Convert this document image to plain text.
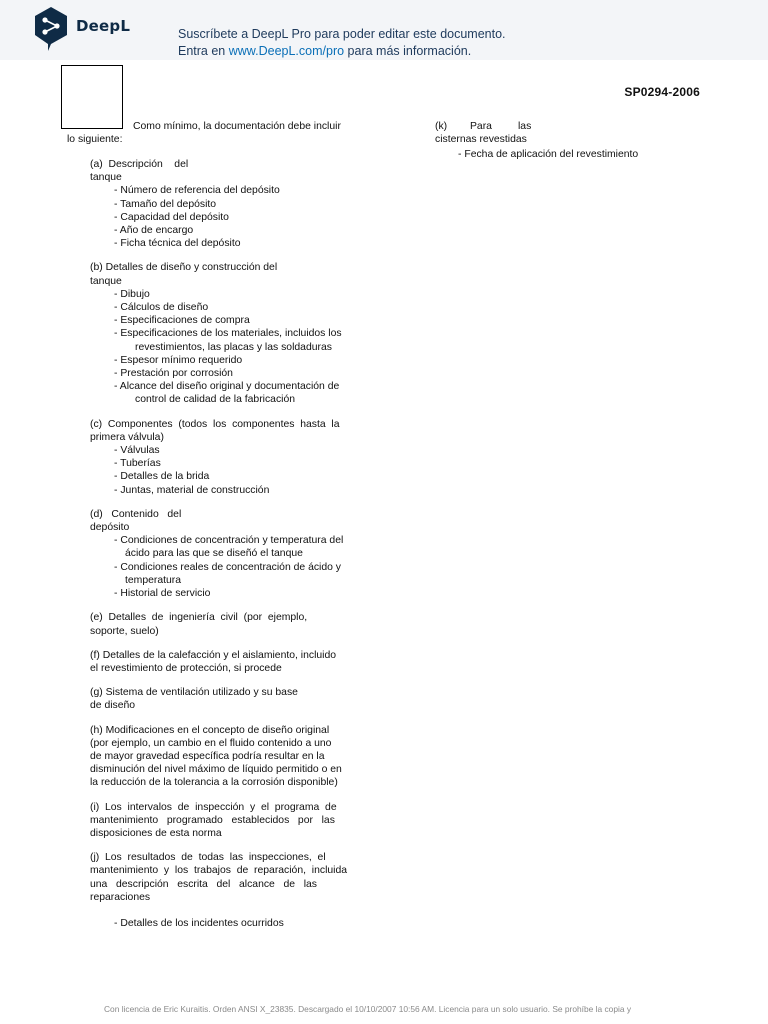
DeepL	Suscríbete a DeepL Pro para poder editar este documento.
Entra en www.DeepL.com/pro para más información.
SP0294-2006
Como mínimo, la documentación debe incluir
lo siguiente:

(a)  Descripción    del

tanque

- Número de referencia del depósito
- Tamaño del depósito
- Capacidad del depósito
- Año de encargo
- Ficha técnica del depósito

(b) Detalles de diseño y construcción del

tanque

- Dibujo
- Cálculos de diseño
- Especificaciones de compra
- Especificaciones de los materiales, incluidos los
revestimientos, las placas y las soldaduras
- Espesor mínimo requerido
- Prestación por corrosión
- Alcance del diseño original y documentación de
control de calidad de la fabricación

(c)  Componentes  (todos  los  componentes  hasta  la

primera válvula)

- Válvulas
- Tuberías
- Detalles de la brida
- Juntas, material de construcción

(d)   Contenido   del

depósito

- Condiciones de concentración y temperatura del
ácido para las que se diseñó el tanque
- Condiciones reales de concentración de ácido y
temperatura
- Historial de servicio

(e)  Detalles  de  ingeniería  civil  (por  ejemplo,

soporte, suelo)

(f) Detalles de la calefacción y el aislamiento, incluido

el revestimiento de protección, si procede

(g) Sistema de ventilación utilizado y su base

de diseño

(h) Modificaciones en el concepto de diseño original

(por ejemplo, un cambio en el fluido contenido a uno

de mayor gravedad específica podría resultar en la

disminución del nivel máximo de líquido permitido o en

la reducción de la tolerancia a la corrosión disponible)

(i)  Los  intervalos  de  inspección  y  el  programa  de

mantenimiento   programado   establecidos   por   las

disposiciones de esta norma

(j)  Los  resultados  de  todas  las  inspecciones,  el

mantenimiento  y  los  trabajos  de  reparación,  incluida

una   descripción   escrita   del   alcance   de   las

reparaciones

- Detalles de los incidentes ocurridos

(k) Para	las
cisternas revestidas
- Fecha de aplicación del revestimiento
Con licencia de Eric Kuraitis. Orden ANSI X_23835. Descargado el 10/10/2007 10:56 AM. Licencia para un solo usuario. Se prohíbe la copia y
